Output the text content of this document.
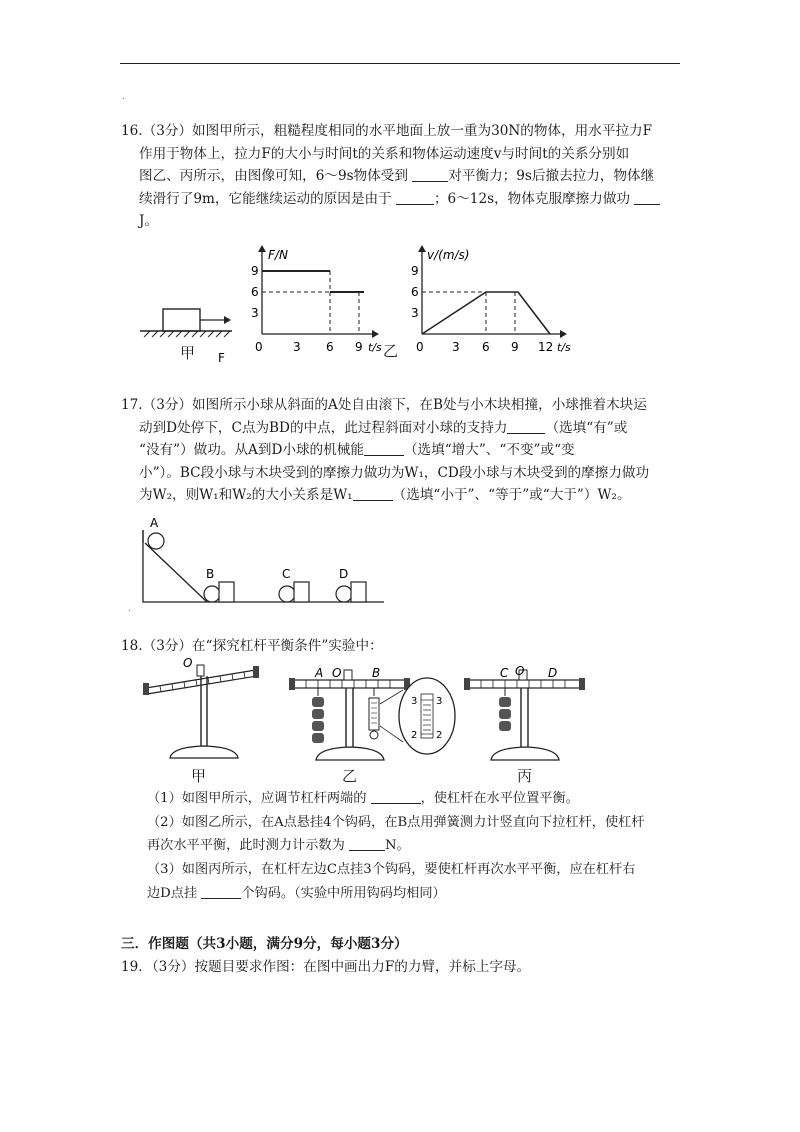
.

16.（3分）如图甲所示，粗糙程度相同的水平地面上放一重为30N的物体，用水平拉力F

作用于物体上，拉力F的大小与时间t的关系和物体运动速度v与时间t的关系分别如

图乙、丙所示，由图像可知，6～9s物体受到	对平衡力；9s后撤去拉力，物体继

续滑行了9m，它能继续运动的原因是由于	；6～12s，物体克服摩擦力做功

J。

F/N
9
6
3
0	3 6 9 t/s
v/(m/s)
9
6
3
0 3 6 9 12 t/s
F
甲	乙

17.（3分）如图所示小球从斜面的A处自由滚下，在B处与小木块相撞，小球推着木块运

动到D处停下，C点为BD的中点，此过程斜面对小球的支持力	（选填“有”或

“没有”）做功。从A到D小球的机械能	（选填“增大”、“不变”或“变

小”）。BC段小球与木块受到的摩擦力做功为W₁，CD段小球与木块受到的摩擦力做功

为W₂，则W₁和W₂的大小关系是W₁	（选填“小于”、“等于”或“大于”）W₂。

A
B	C	D
.

18.（3分）在“探究杠杆平衡条件”实验中：

O
3 3
2 2
A O	B	C O D
甲	乙	丙
（1）如图甲所示，应调节杠杆两端的	，使杠杆在水平位置平衡。
（2）如图乙所示，在A点悬挂4个钩码，在B点用弹簧测力计竖直向下拉杠杆，使杠杆
再次水平平衡，此时测力计示数为	N。
（3）如图丙所示，在杠杆左边C点挂3个钩码，要使杠杆再次水平平衡，应在杠杆右
边D点挂	个钩码。（实验中所用钩码均相同）
三．作图题（共3小题，满分9分，每小题3分）

19．（3分）按题目要求作图：在图中画出力F的力臂，并标上字母。
